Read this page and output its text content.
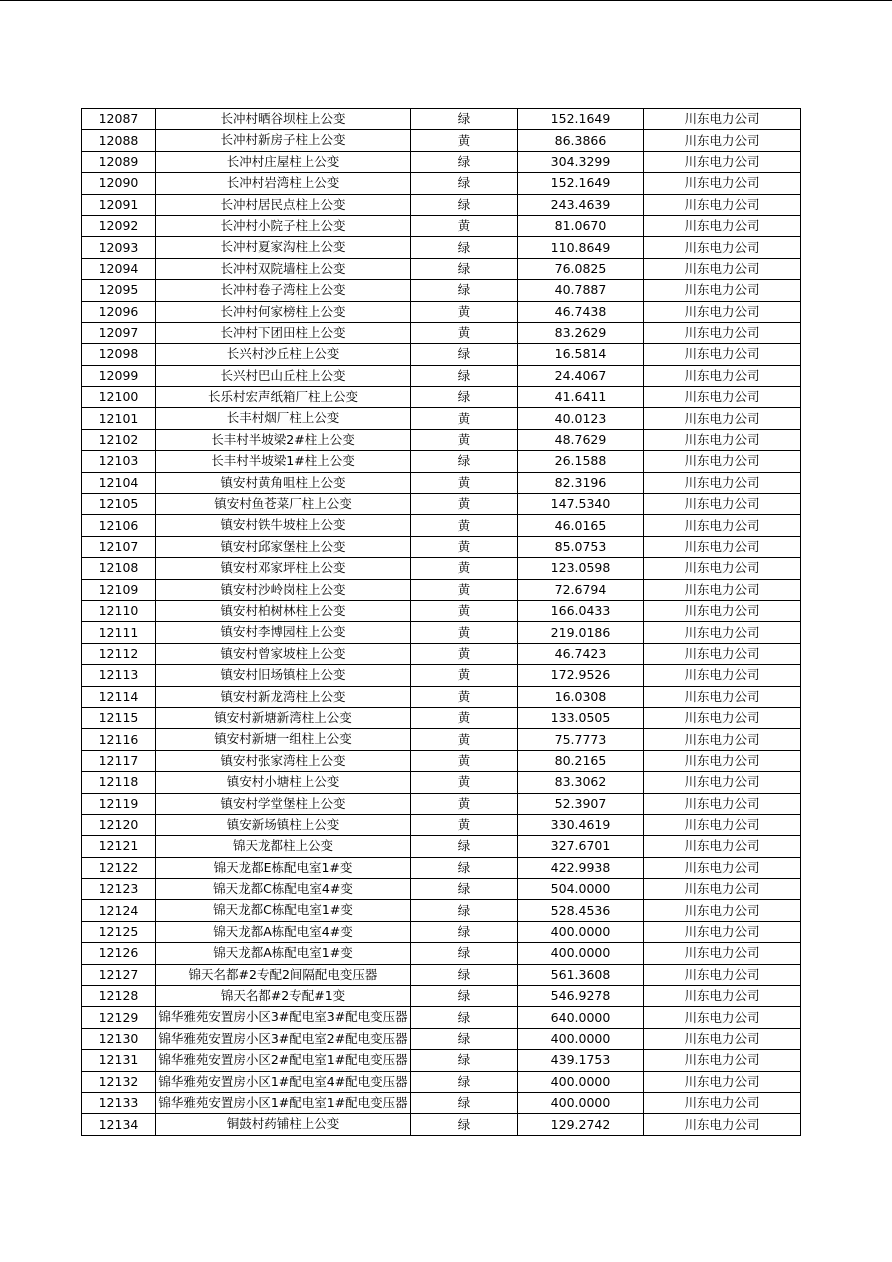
12087	长冲村晒谷坝柱上公变	绿	152.1649	川东电力公司
12088	长冲村新房子柱上公变	黄	86.3866	川东电力公司
12089	长冲村庄屋柱上公变	绿	304.3299	川东电力公司
12090	长冲村岩湾柱上公变	绿	152.1649	川东电力公司
12091	长冲村居民点柱上公变	绿	243.4639	川东电力公司
12092	长冲村小院子柱上公变	黄	81.0670	川东电力公司
12093	长冲村夏家沟柱上公变	绿	110.8649	川东电力公司
12094	长冲村双院墙柱上公变	绿	76.0825	川东电力公司
12095	长冲村卷子湾柱上公变	绿	40.7887	川东电力公司
12096	长冲村何家榜柱上公变	黄	46.7438	川东电力公司
12097	长冲村下团田柱上公变	黄	83.2629	川东电力公司
12098	长兴村沙丘柱上公变	绿	16.5814	川东电力公司
12099	长兴村巴山丘柱上公变	绿	24.4067	川东电力公司
12100	长乐村宏声纸箱厂柱上公变	绿	41.6411	川东电力公司
12101	长丰村烟厂柱上公变	黄	40.0123	川东电力公司
12102	长丰村半坡梁2#柱上公变	黄	48.7629	川东电力公司
12103	长丰村半坡梁1#柱上公变	绿	26.1588	川东电力公司
12104	镇安村黄角咀柱上公变	黄	82.3196	川东电力公司
12105	镇安村鱼苍菜厂柱上公变	黄	147.5340	川东电力公司
12106	镇安村铁牛坡柱上公变	黄	46.0165	川东电力公司
12107	镇安村邱家堡柱上公变	黄	85.0753	川东电力公司
12108	镇安村邓家坪柱上公变	黄	123.0598	川东电力公司
12109	镇安村沙岭岗柱上公变	黄	72.6794	川东电力公司
12110	镇安村柏树林柱上公变	黄	166.0433	川东电力公司
12111	镇安村李博园柱上公变	黄	219.0186	川东电力公司
12112	镇安村曾家坡柱上公变	黄	46.7423	川东电力公司
12113	镇安村旧场镇柱上公变	黄	172.9526	川东电力公司
12114	镇安村新龙湾柱上公变	黄	16.0308	川东电力公司
12115	镇安村新塘新湾柱上公变	黄	133.0505	川东电力公司
12116	镇安村新塘一组柱上公变	黄	75.7773	川东电力公司
12117	镇安村张家湾柱上公变	黄	80.2165	川东电力公司
12118	镇安村小塘柱上公变	黄	83.3062	川东电力公司
12119	镇安村学堂堡柱上公变	黄	52.3907	川东电力公司
12120	镇安新场镇柱上公变	黄	330.4619	川东电力公司
12121	锦天龙都柱上公变	绿	327.6701	川东电力公司
12122	锦天龙都E栋配电室1#变	绿	422.9938	川东电力公司
12123	锦天龙都C栋配电室4#变	绿	504.0000	川东电力公司
12124	锦天龙都C栋配电室1#变	绿	528.4536	川东电力公司
12125	锦天龙都A栋配电室4#变	绿	400.0000	川东电力公司
12126	锦天龙都A栋配电室1#变	绿	400.0000	川东电力公司
12127	锦天名都#2专配2间隔配电变压器	绿	561.3608	川东电力公司
12128	锦天名都#2专配#1变	绿	546.9278	川东电力公司
12129	锦华雅苑安置房小区3#配电室3#配电变压器	绿	640.0000	川东电力公司
12130	锦华雅苑安置房小区3#配电室2#配电变压器	绿	400.0000	川东电力公司
12131	锦华雅苑安置房小区2#配电室1#配电变压器	绿	439.1753	川东电力公司
12132	锦华雅苑安置房小区1#配电室4#配电变压器	绿	400.0000	川东电力公司
12133	锦华雅苑安置房小区1#配电室1#配电变压器	绿	400.0000	川东电力公司
12134	铜鼓村药铺柱上公变	绿	129.2742	川东电力公司
